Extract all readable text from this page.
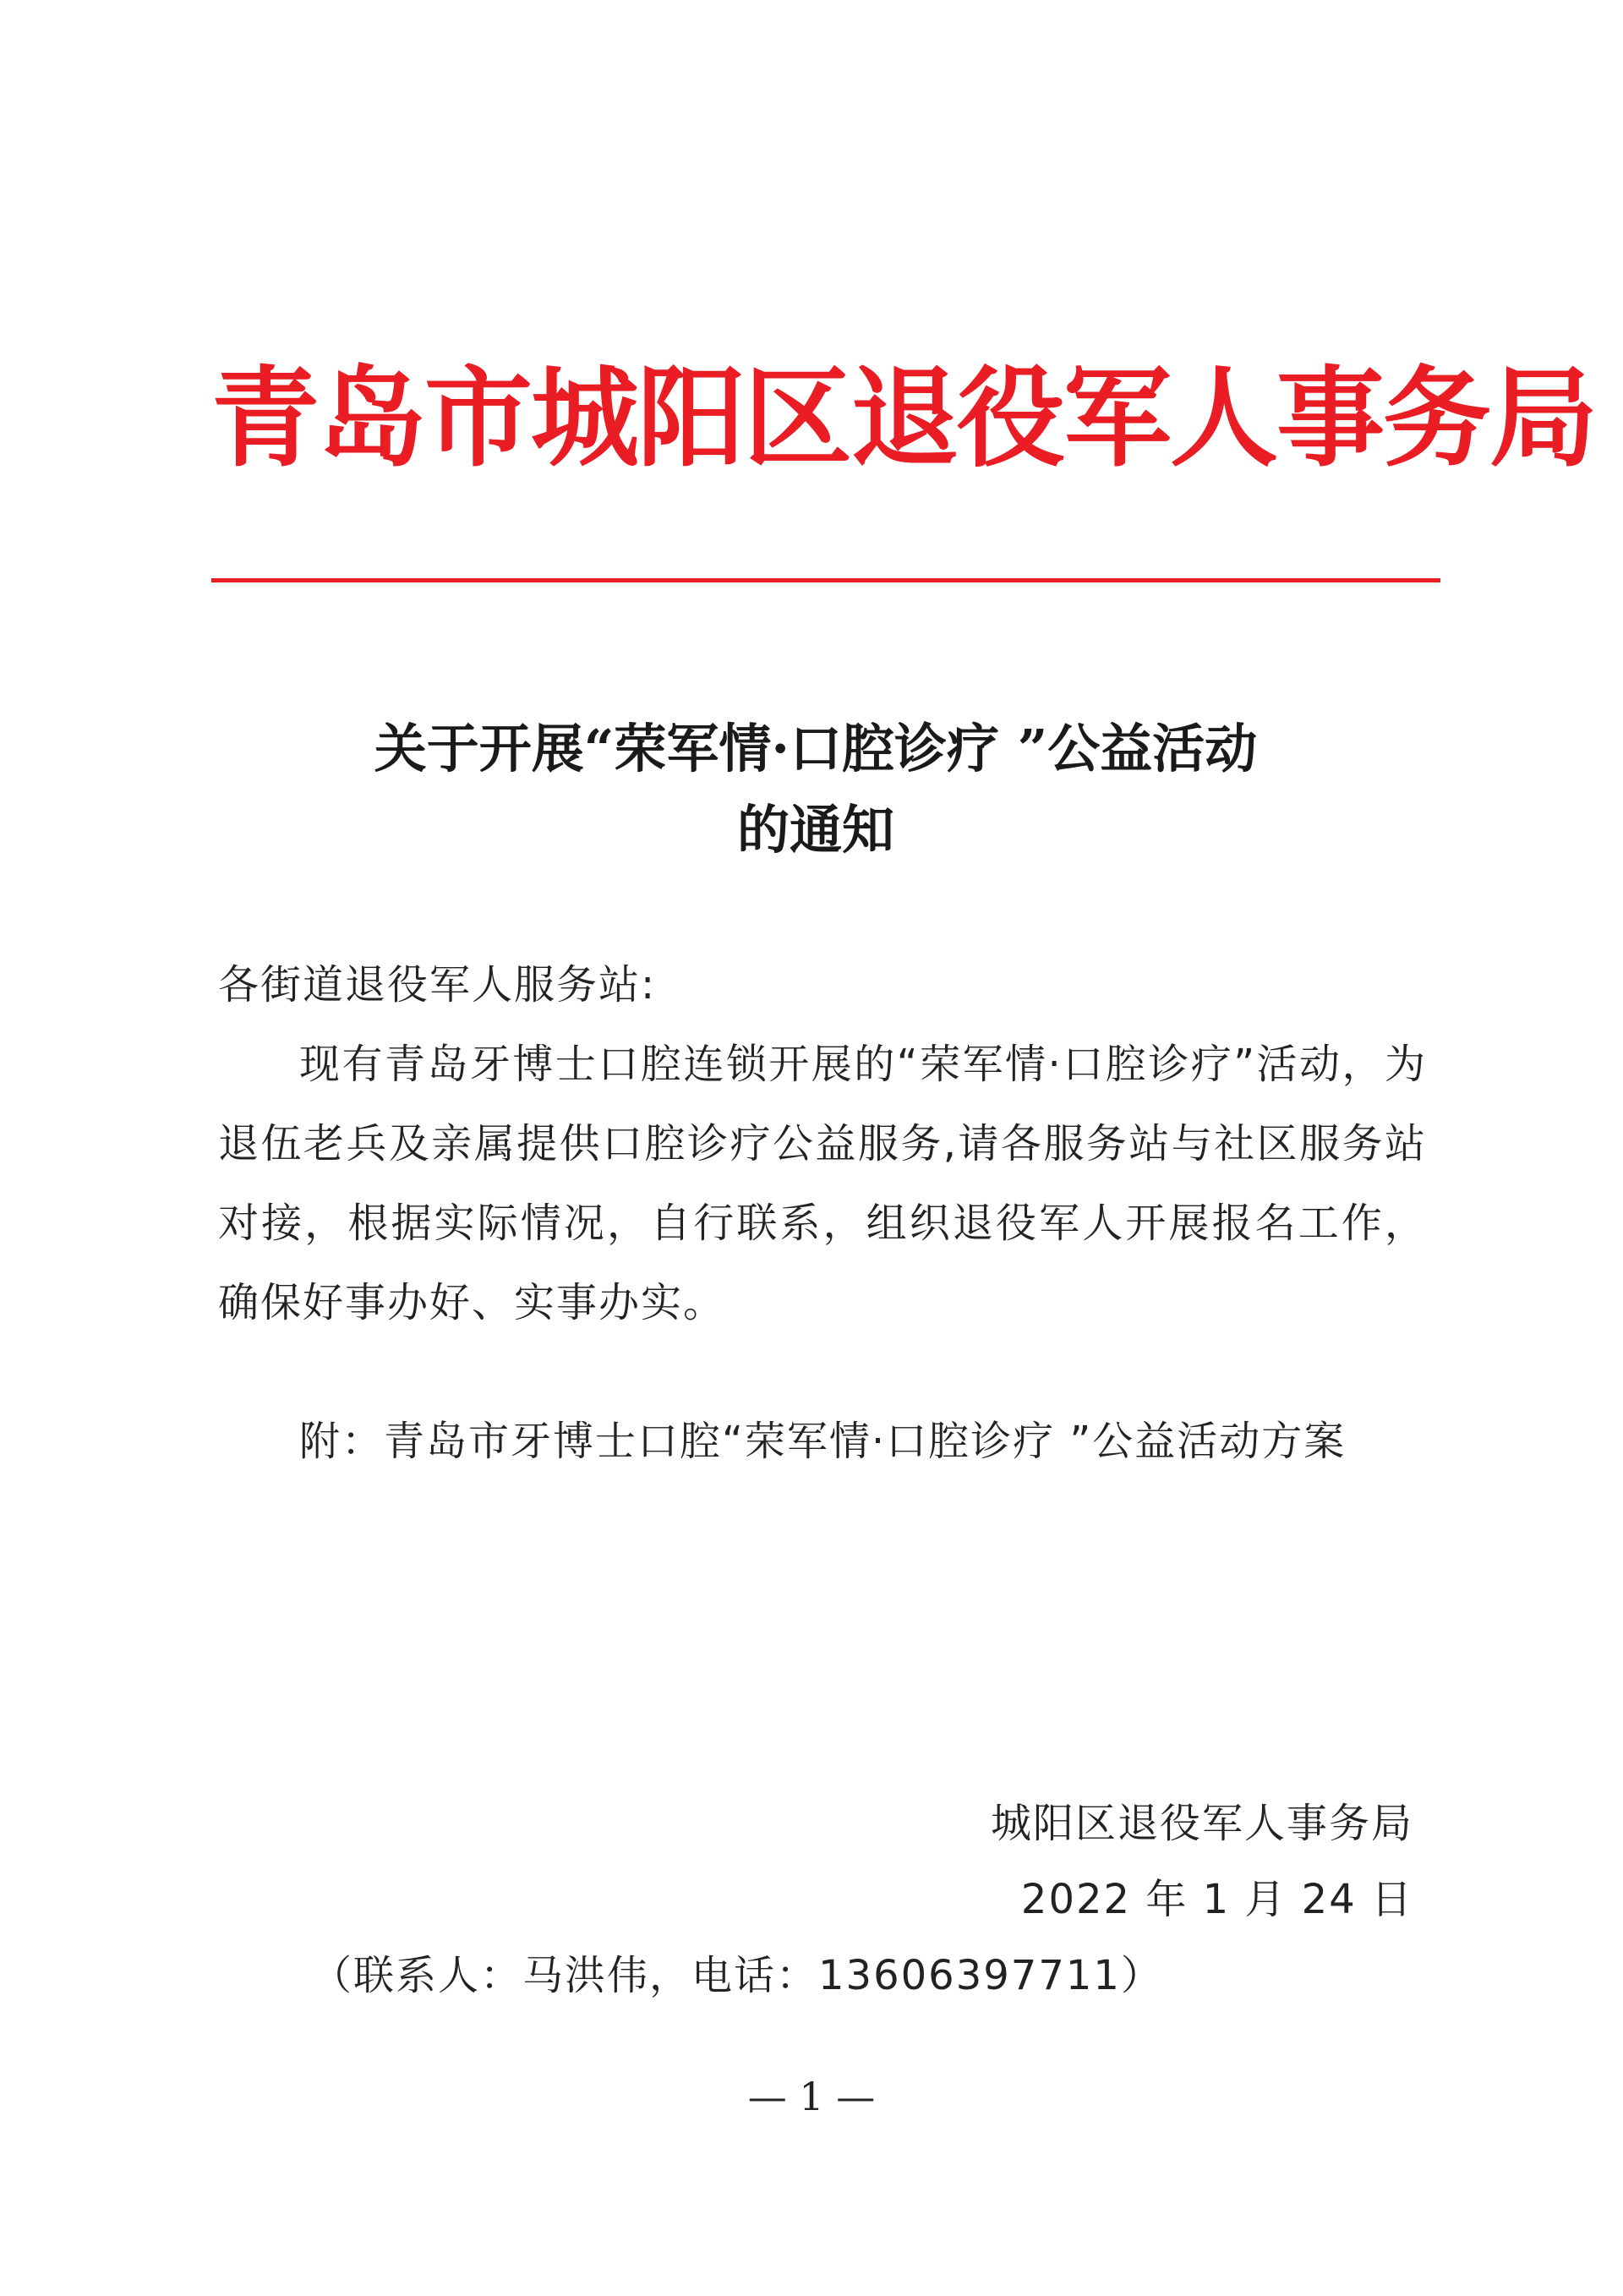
青岛市城阳区退役军人事务局
关于开展“荣军情·口腔诊疗 ”公益活动
的通知
各街道退役军人服务站:
现有青岛牙博士口腔连锁开展的“荣军情·口腔诊疗”活动，为退伍老兵及亲属提供口腔诊疗公益服务,请各服务站与社区服务站对接，根据实际情况，自行联系，组织退役军人开展报名工作，确保好事办好、实事办实。
附：青岛市牙博士口腔“荣军情·口腔诊疗 ”公益活动方案
城阳区退役军人事务局
2022 年 1 月 24 日
（联系人：马洪伟，电话：13606397711）
— 1 —
